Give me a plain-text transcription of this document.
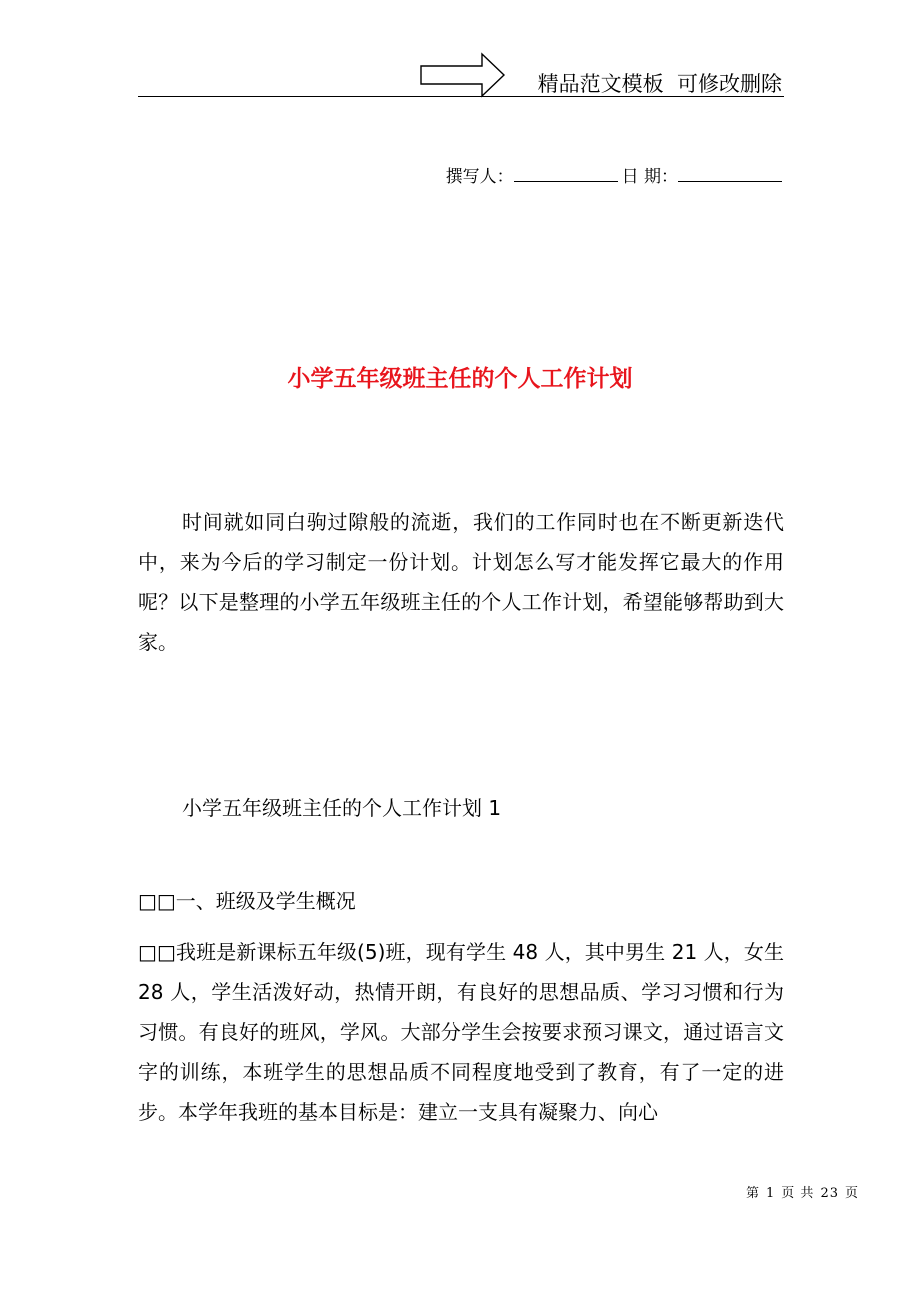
精品范文模板  可修改删除
撰写人：	日 期：
小学五年级班主任的个人工作计划
时间就如同白驹过隙般的流逝，我们的工作同时也在不断更新迭代中，来为今后的学习制定一份计划。计划怎么写才能发挥它最大的作用呢？以下是整理的小学五年级班主任的个人工作计划，希望能够帮助到大家。
小学五年级班主任的个人工作计划 1
□□一、班级及学生概况
□□我班是新课标五年级(5)班，现有学生 48 人，其中男生 21 人，女生 28 人，学生活泼好动，热情开朗，有良好的思想品质、学习习惯和行为习惯。有良好的班风，学风。大部分学生会按要求预习课文，通过语言文字的训练，本班学生的思想品质不同程度地受到了教育，有了一定的进步。本学年我班的基本目标是：建立一支具有凝聚力、向心
第 1 页 共 23 页
